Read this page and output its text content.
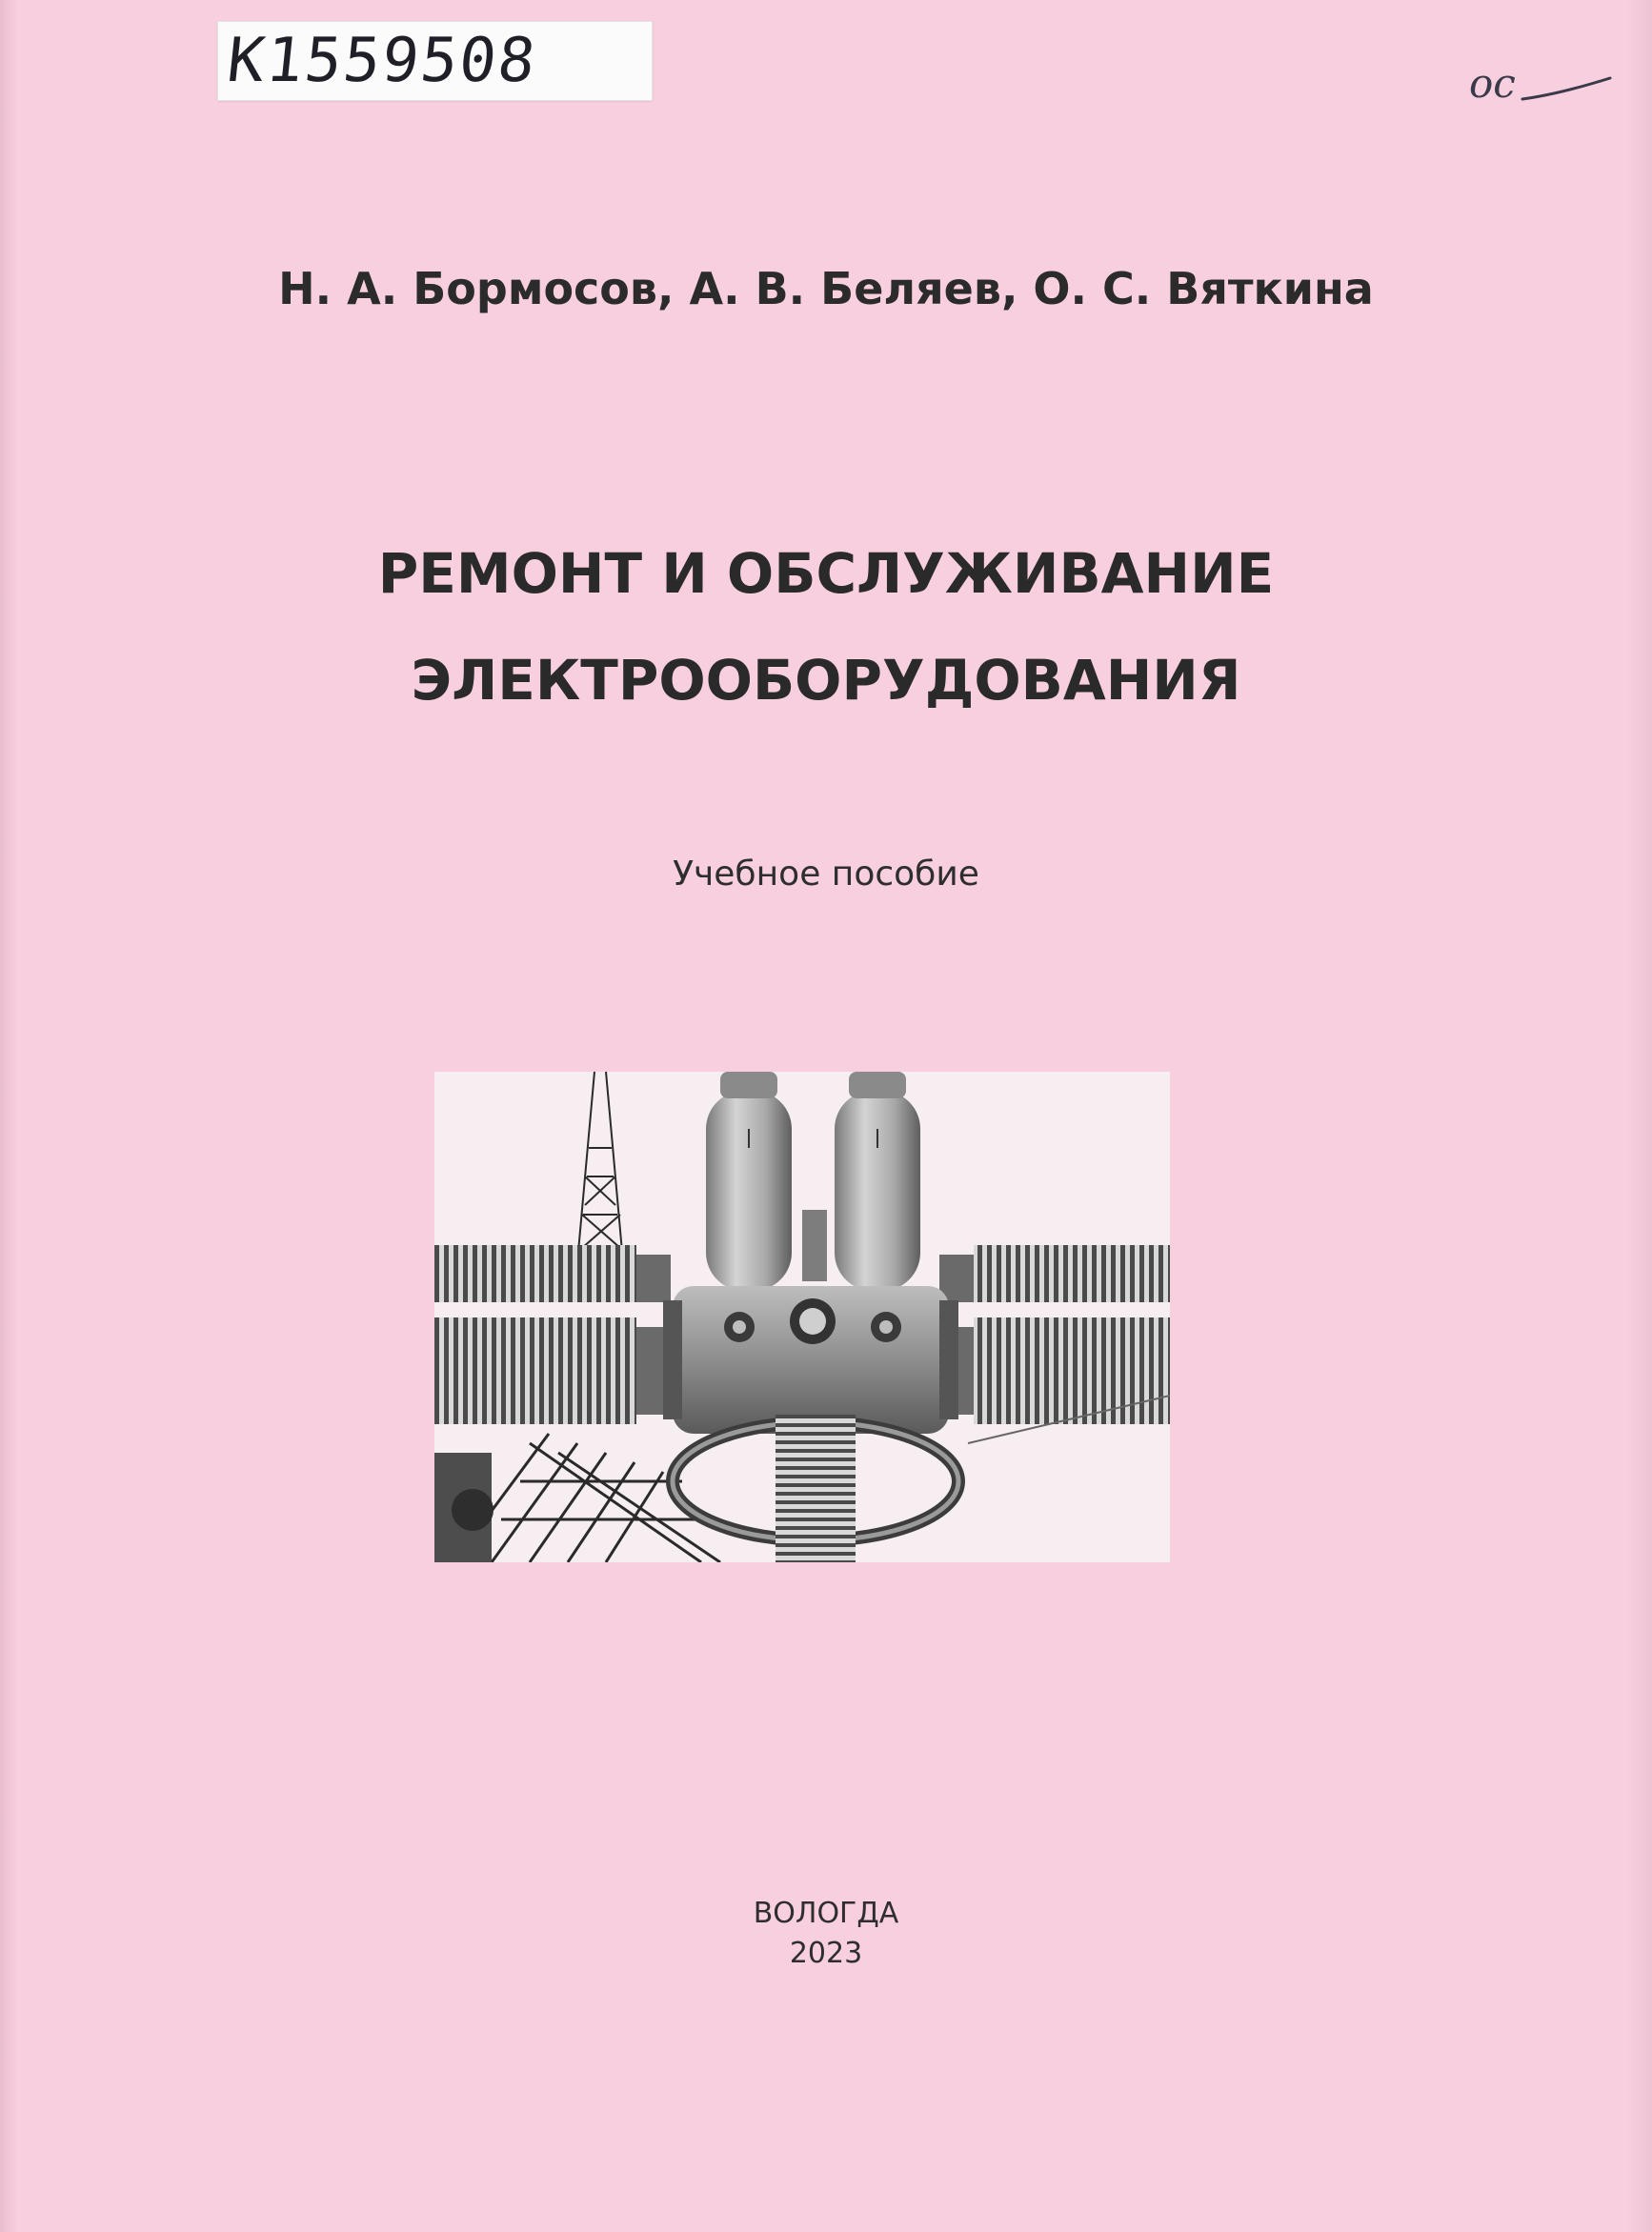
К1559508	ос
Н. А. Бормосов, А. В. Беляев, О. С. Вяткина
РЕМОНТ И ОБСЛУЖИВАНИЕ
ЭЛЕКТРООБОРУДОВАНИЯ
Учебное пособие
ВОЛОГДА
2023
